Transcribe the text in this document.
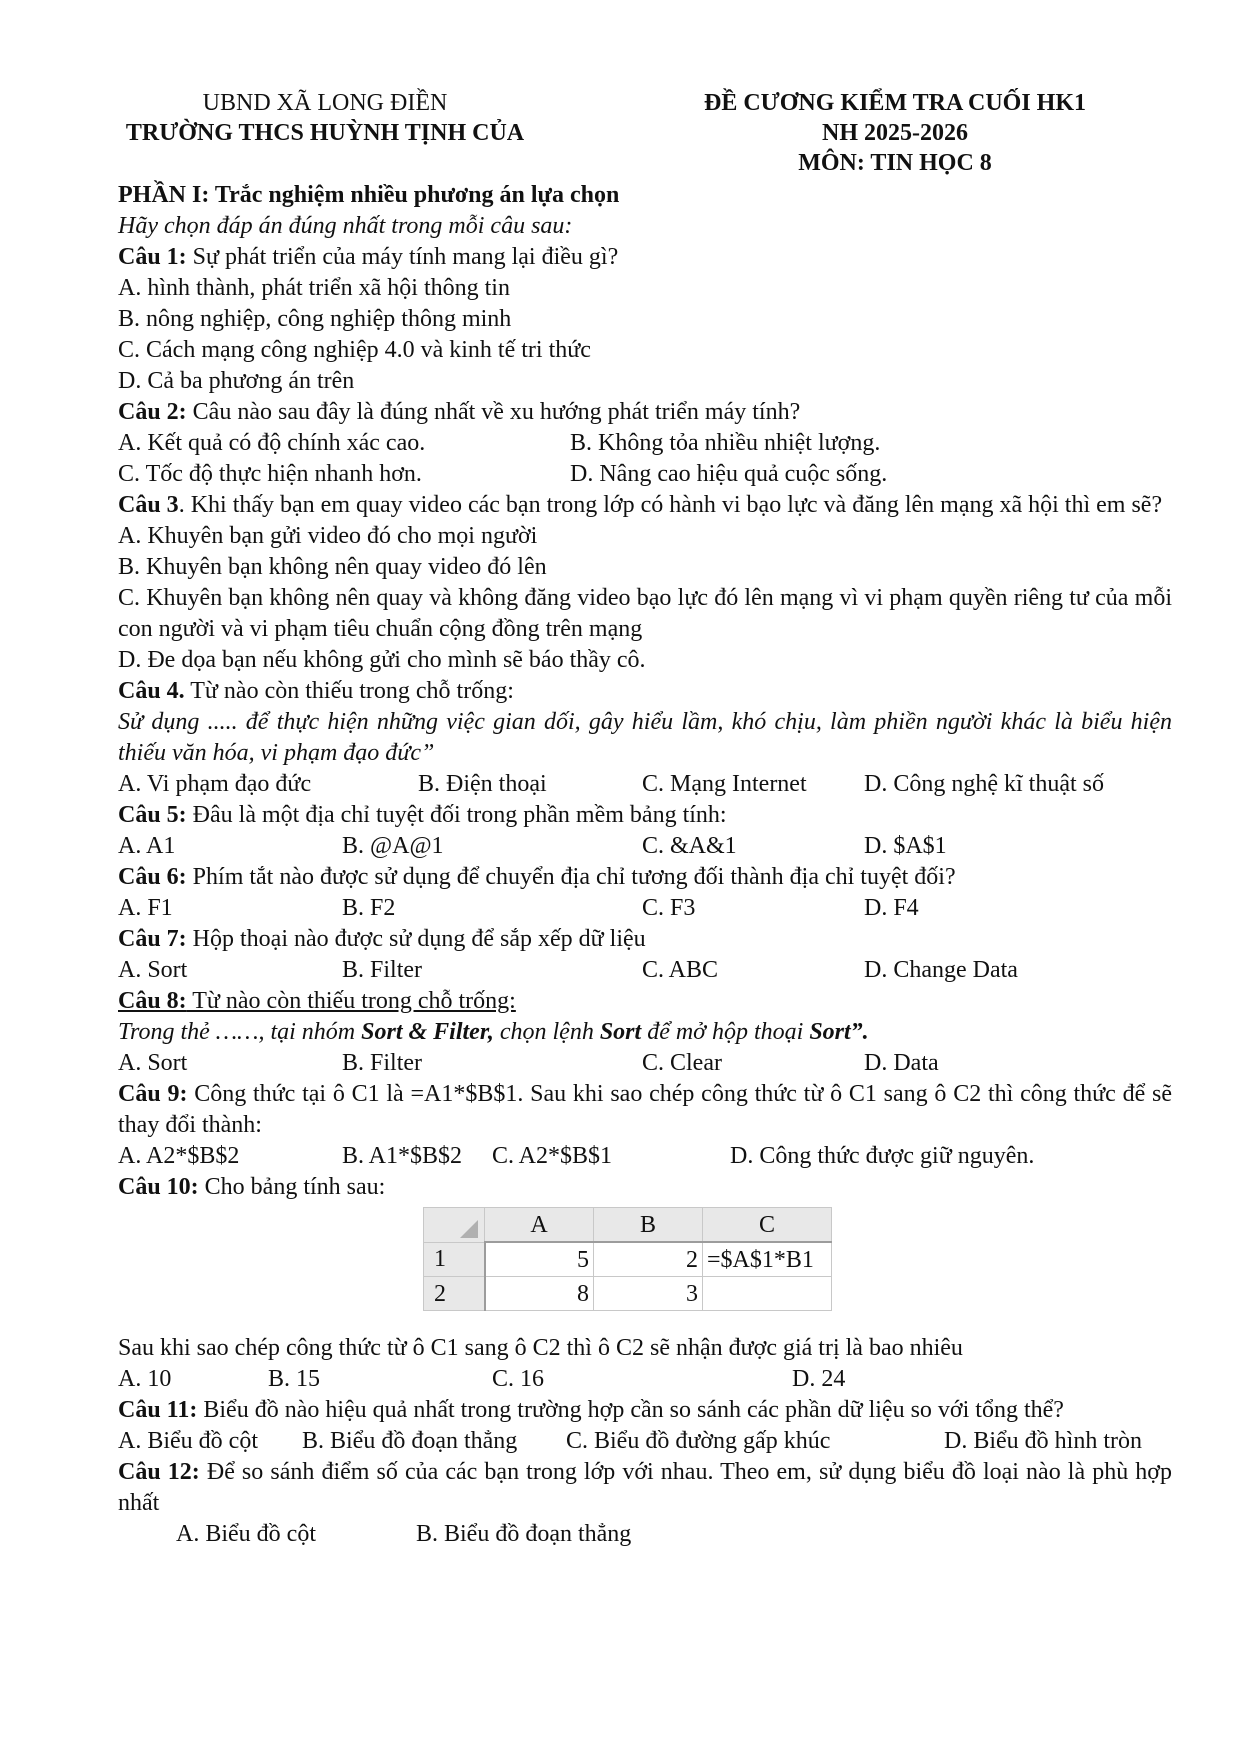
UBND XÃ LONG ĐIỀN
TRƯỜNG THCS HUỲNH TỊNH CỦA
ĐỀ CƯƠNG KIỂM TRA CUỐI HK1
NH 2025-2026
MÔN: TIN HỌC 8
PHẦN I: Trắc nghiệm nhiều phương án lựa chọn
Hãy chọn đáp án đúng nhất trong mỗi câu sau:
Câu 1: Sự phát triển của máy tính mang lại điều gì?
A. hình thành, phát triển xã hội thông tin
B. nông nghiệp, công nghiệp thông minh
C. Cách mạng công nghiệp 4.0 và kinh tế tri thức
D. Cả ba phương án trên
Câu 2: Câu nào sau đây là đúng nhất về xu hướng phát triển máy tính?
A. Kết quả có độ chính xác cao.	B. Không tỏa nhiều nhiệt lượng.
C. Tốc độ thực hiện nhanh hơn.	D. Nâng cao hiệu quả cuộc sống.
Câu 3. Khi thấy bạn em quay video các bạn trong lớp có hành vi bạo lực và đăng lên mạng xã hội thì em sẽ?
A. Khuyên bạn gửi video đó cho mọi người
B. Khuyên bạn không nên quay video đó lên
C. Khuyên bạn không nên quay và không đăng video bạo lực đó lên mạng vì vi phạm quyền riêng tư của mỗi con người và vi phạm tiêu chuẩn cộng đồng trên mạng
D. Đe dọa bạn nếu không gửi cho mình sẽ báo thầy cô.
Câu 4. Từ nào còn thiếu trong chỗ trống:
Sử dụng ..... để thực hiện những việc gian dối, gây hiểu lầm, khó chịu, làm phiền người khác là biểu hiện thiếu văn hóa, vi phạm đạo đức”
A. Vi phạm đạo đức	B. Điện thoại	C. Mạng Internet D. Công nghệ kĩ thuật số
Câu 5: Đâu là một địa chỉ tuyệt đối trong phần mềm bảng tính:
A. A1	B. @A@1	C. &A&1	D. $A$1
Câu 6: Phím tắt nào được sử dụng để chuyển địa chỉ tương đối thành địa chỉ tuyệt đối?
A. F1	B. F2	C. F3	D. F4
Câu 7: Hộp thoại nào được sử dụng để sắp xếp dữ liệu
A. Sort	B. Filter	C. ABC	D. Change Data
Câu 8: Từ nào còn thiếu trong chỗ trống:
Trong thẻ ……, tại nhóm Sort & Filter, chọn lệnh Sort để mở hộp thoại Sort”.
A. Sort	B. Filter	C. Clear	D. Data
Câu 9: Công thức tại ô C1 là =A1*$B$1. Sau khi sao chép công thức từ ô C1 sang ô C2 thì công thức để sẽ thay đổi thành:
A. A2*$B$2	B. A1*$B$2 C. A2*$B$1	D. Công thức được giữ nguyên.
Câu 10: Cho bảng tính sau:
	A	B	C
1	5	2	=$A$1*B1
2	8	3	
Sau khi sao chép công thức từ ô C1 sang ô C2 thì ô C2 sẽ nhận được giá trị là bao nhiêu
A. 10	B. 15	C. 16	D. 24
Câu 11: Biểu đồ nào hiệu quả nhất trong trường hợp cần so sánh các phần dữ liệu so với tổng thể?
A. Biểu đồ cột B. Biểu đồ đoạn thẳng C. Biểu đồ đường gấp khúc	D. Biểu đồ hình tròn
Câu 12: Để so sánh điểm số của các bạn trong lớp với nhau. Theo em, sử dụng biểu đồ loại nào là phù hợp nhất
A. Biểu đồ cột	B. Biểu đồ đoạn thẳng
